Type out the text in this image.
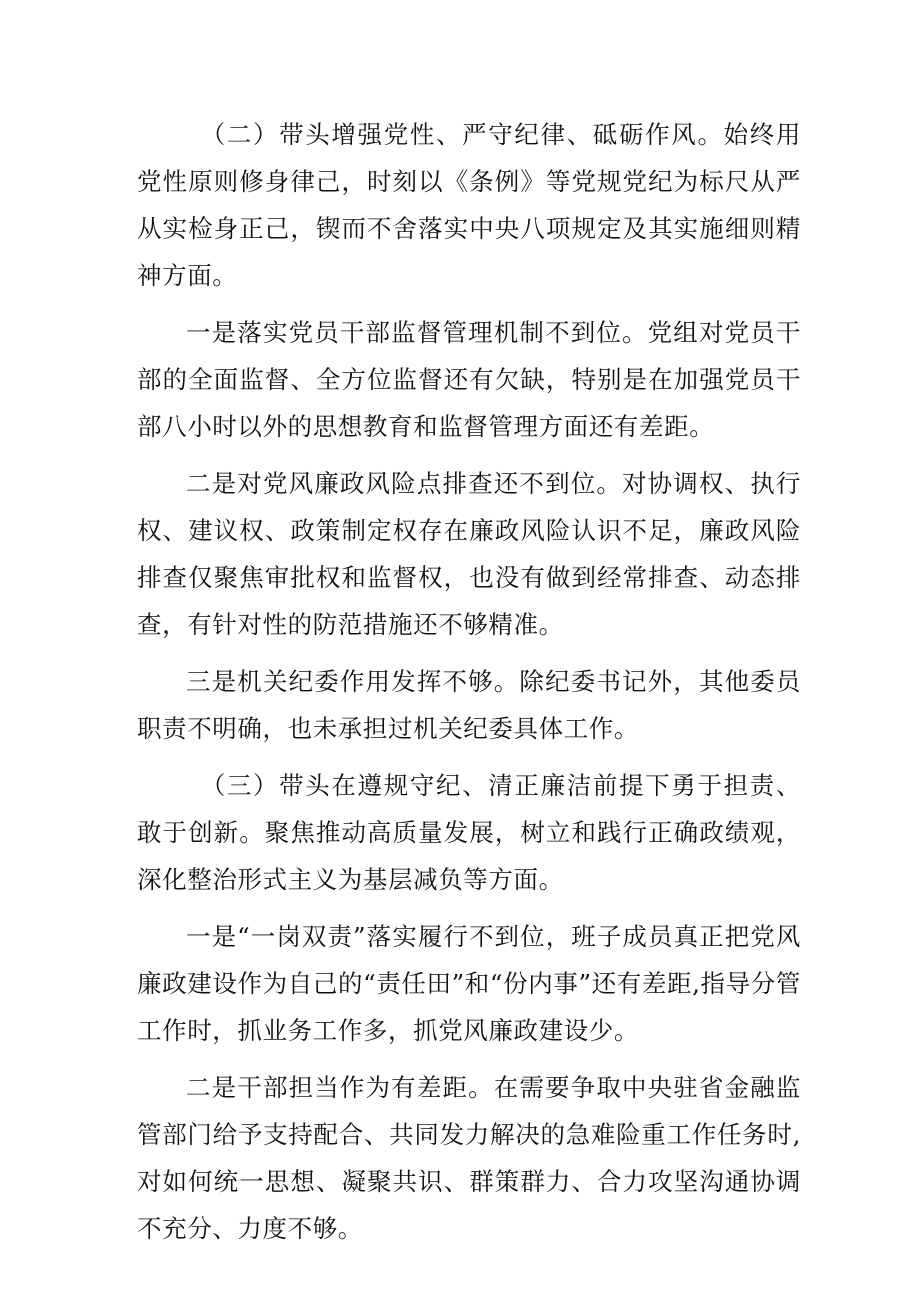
（二）带头增强党性、严守纪律、砥砺作风。始终用党性原则修身律己，时刻以《条例》等党规党纪为标尺从严从实检身正己，锲而不舍落实中央八项规定及其实施细则精神方面。

一是落实党员干部监督管理机制不到位。党组对党员干部的全面监督、全方位监督还有欠缺，特别是在加强党员干部八小时以外的思想教育和监督管理方面还有差距。

二是对党风廉政风险点排查还不到位。对协调权、执行权、建议权、政策制定权存在廉政风险认识不足，廉政风险排查仅聚焦审批权和监督权，也没有做到经常排查、动态排查，有针对性的防范措施还不够精准。

三是机关纪委作用发挥不够。除纪委书记外，其他委员职责不明确，也未承担过机关纪委具体工作。

（三）带头在遵规守纪、清正廉洁前提下勇于担责、敢于创新。聚焦推动高质量发展，树立和践行正确政绩观，深化整治形式主义为基层减负等方面。

一是“一岗双责”落实履行不到位，班子成员真正把党风廉政建设作为自己的“责任田”和“份内事”还有差距,指导分管工作时，抓业务工作多，抓党风廉政建设少。

二是干部担当作为有差距。在需要争取中央驻省金融监管部门给予支持配合、共同发力解决的急难险重工作任务时,对如何统一思想、凝聚共识、群策群力、合力攻坚沟通协调不充分、力度不够。
